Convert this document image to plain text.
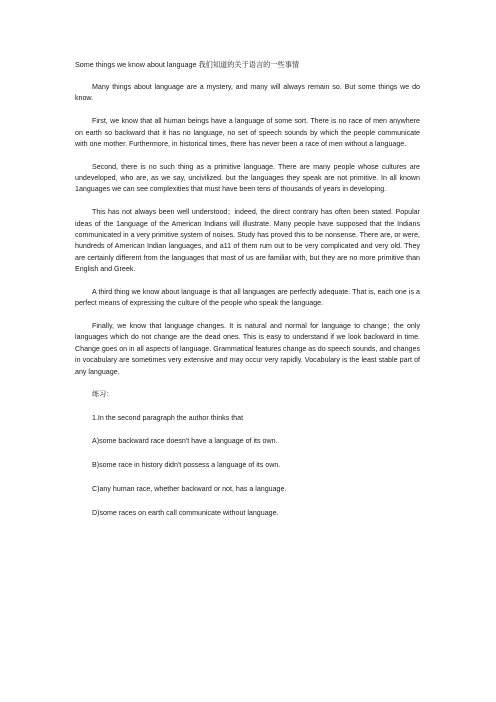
Some things we know about language 我们知道的关于语言的一些事情

Many things about language are a mystery, and many will always remain so. But some things we do know.

First, we know that all human beings have a language of some sort. There is no race of men anywhere on earth so backward that it has no language, no set of speech sounds by which the people communicate with one mother. Furthermore, in historical times, there has never been a race of men without a language.

Second, there is no such thing as a primitive language. There are many people whose cultures are undeveloped, who are, as we say, uncivilized. but the languages they speak are not primitive. In all known 1anguages we can see complexities that must have been tens of thousands of years in developing.

This has not always been well understood；indeed, the direct contrary has often been stated. Popular ideas of the 1anguage of the American Indians will illustrate. Many people have supposed that the Indians communicated in a very primitive system of noises. Study has proved this to be nonsense. There are, or were, hundreds of American Indian languages, and a11 of them rum out to be very complicated and very old. They are certainly different from the languages that most of us are familiar with, but they are no more primitive than English and Greek.

A third thing we know about language is that all languages are perfectly adequate. That is, each one is a perfect means of expressing the culture of the people who speak the language.

Finally, we know that language changes. It is natural and normal for language to change；the only languages which do not change are the dead ones. This is easy to understand if we look backward in time. Change goes on in all aspects of language. Grammatical features change as do speech sounds, and changes in vocabulary are sometimes very extensive and may occur very rapidly. Vocabulary is the least stable part of any language.

练习：

1.In the second paragraph the author thinks that

A)some backward race doesn't have a language of its own.

B)some race in history didn't possess a language of its own.

C)any human race, whether backward or not, has a language.

D)some races on earth call communicate without language.
